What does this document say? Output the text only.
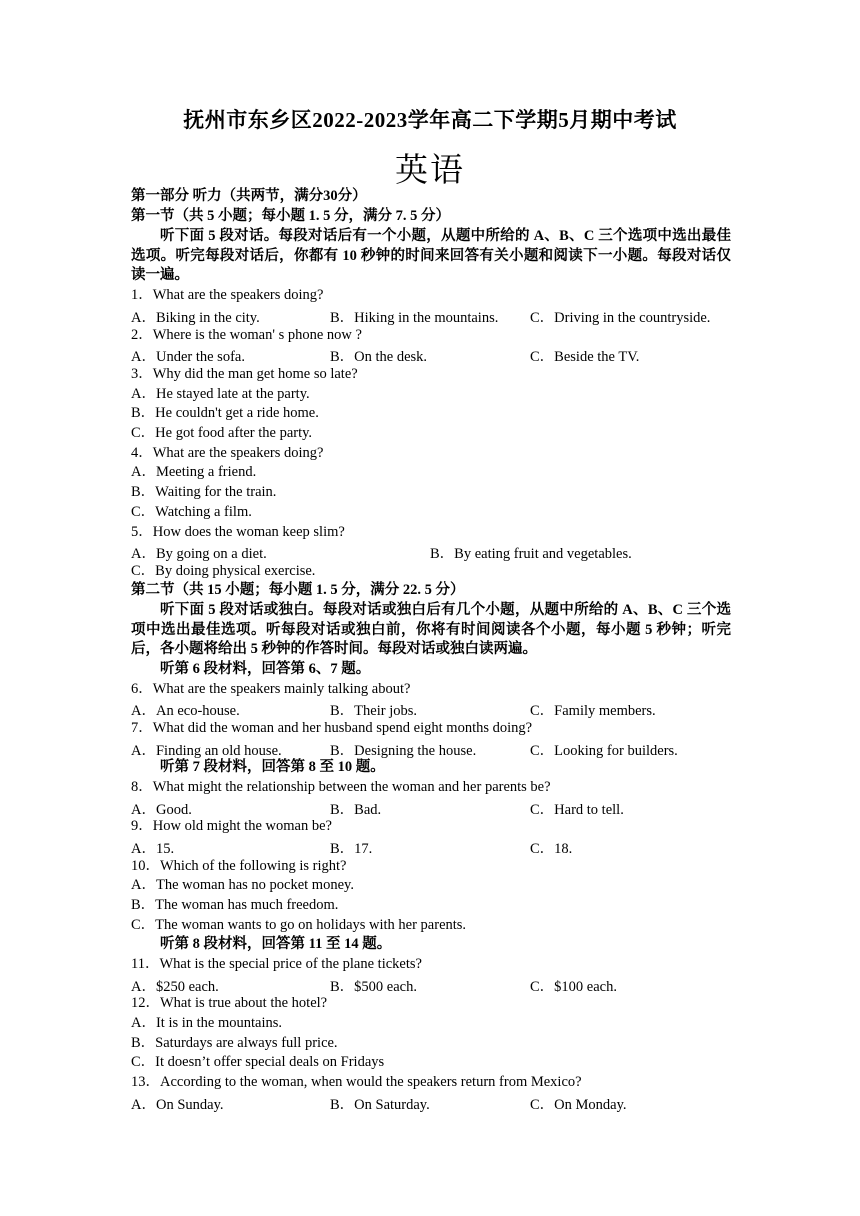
抚州市东乡区2022-2023学年高二下学期5月期中考试
英语
第一部分 听力（共两节，满分30分）
第一节（共 5 小题；每小题 1. 5 分，满分 7. 5 分）
听下面 5 段对话。每段对话后有一个小题，从题中所给的 A、B、C 三个选项中选出最佳选项。听完每段对话后，你都有 10 秒钟的时间来回答有关小题和阅读下一小题。每段对话仅读一遍。
1．What are the speakers doing?
A．Biking in the city.	B．Hiking in the mountains. C．Driving in the countryside.
2．Where is the woman' s phone now ?
A．Under the sofa.	B．On the desk.	C．Beside the TV.
3．Why did the man get home so late?
A．He stayed late at the party.
B．He couldn't get a ride home.
C．He got food after the party.
4．What are the speakers doing?
A．Meeting a friend.
B．Waiting for the train.
C．Watching a film.
5．How does the woman keep slim?
A．By going on a diet.	B．By eating fruit and vegetables.
C．By doing physical exercise.
第二节（共 15 小题；每小题 1. 5 分，满分 22. 5 分）
听下面 5 段对话或独白。每段对话或独白后有几个小题，从题中所给的 A、B、C 三个选项中选出最佳选项。听每段对话或独白前，你将有时间阅读各个小题，每小题 5 秒钟；听完后，各小题将给出 5 秒钟的作答时间。每段对话或独白读两遍。
听第 6 段材料，回答第 6、7 题。
6．What are the speakers mainly talking about?
A．An eco-house.	B．Their jobs.	C．Family members.
7．What did the woman and her husband spend eight months doing?
A．Finding an old house.	B．Designing the house.	C．Looking for builders.
听第 7 段材料，回答第 8 至 10 题。
8．What might the relationship between the woman and her parents be?
A．Good.	B．Bad.	C．Hard to tell.
9．How old might the woman be?
A．15.	B．17.	C．18.
10．Which of the following is right?
A．The woman has no pocket money.
B．The woman has much freedom.
C．The woman wants to go on holidays with her parents.
听第 8 段材料，回答第 11 至 14 题。
11．What is the special price of the plane tickets?
A．$250 each.	B．$500 each.	C．$100 each.
12．What is true about the hotel?
A．It is in the mountains.
B．Saturdays are always full price.
C．It doesn’t offer special deals on Fridays
13．According to the woman, when would the speakers return from Mexico?
A．On Sunday.	B．On Saturday.	C．On Monday.
